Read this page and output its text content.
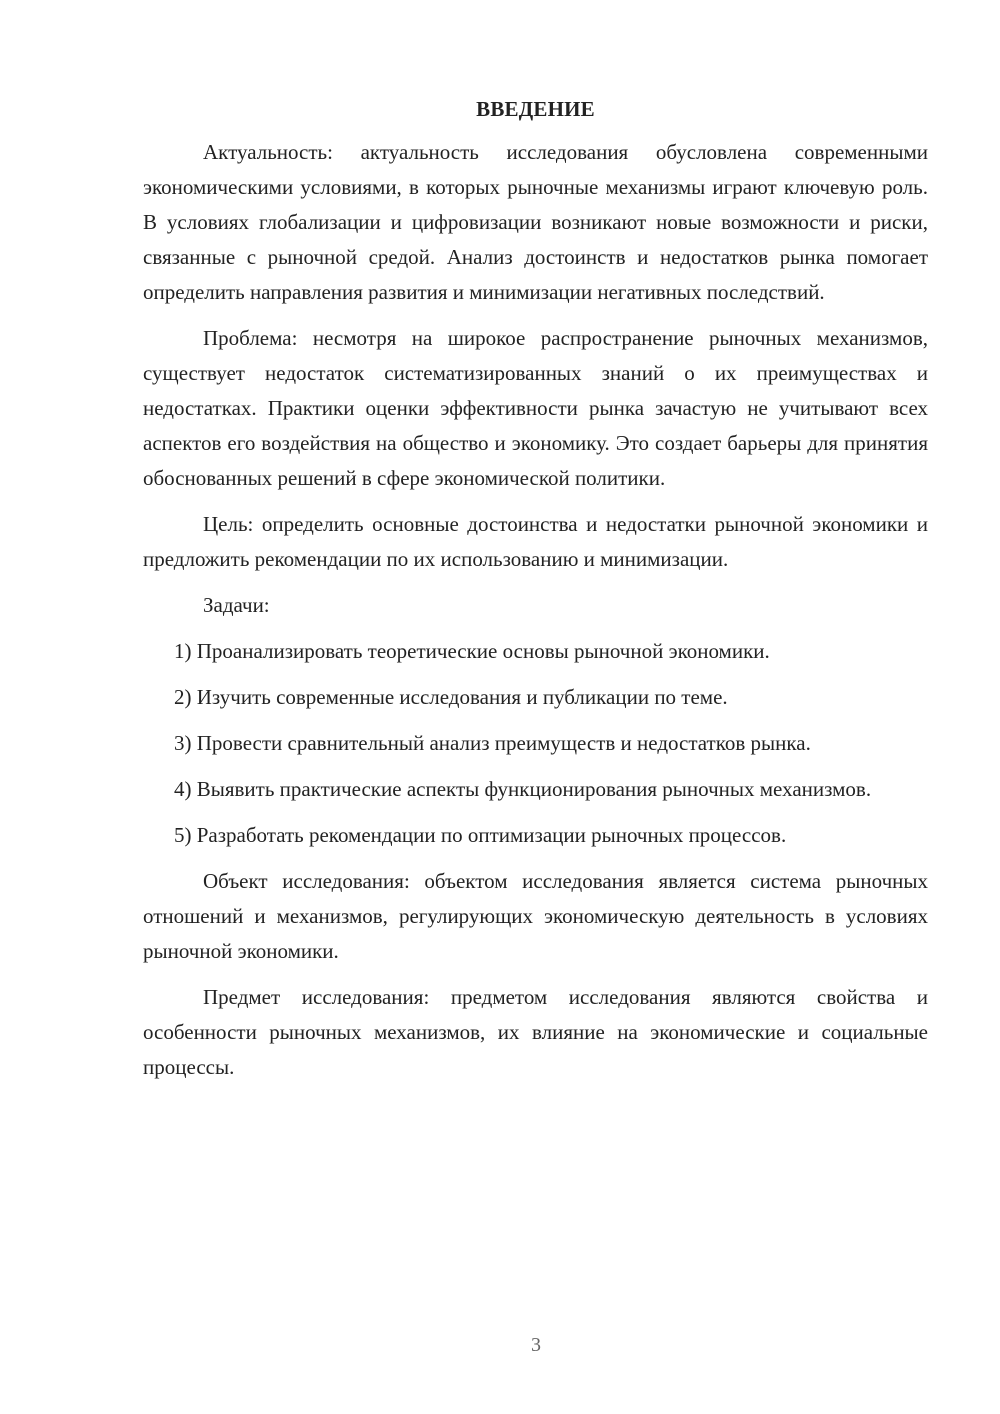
ВВЕДЕНИЕ

Актуальность: актуальность исследования обусловлена современными экономическими условиями, в которых рыночные механизмы играют ключевую роль. В условиях глобализации и цифровизации возникают новые возможности и риски, связанные с рыночной средой. Анализ достоинств и недостатков рынка помогает определить направления развития и минимизации негативных последствий.

Проблема: несмотря на широкое распространение рыночных механизмов, существует недостаток систематизированных знаний о их преимуществах и недостатках. Практики оценки эффективности рынка зачастую не учитывают всех аспектов его воздействия на общество и экономику. Это создает барьеры для принятия обоснованных решений в сфере экономической политики.

Цель: определить основные достоинства и недостатки рыночной экономики и предложить рекомендации по их использованию и минимизации.

Задачи:

1) Проанализировать теоретические основы рыночной экономики.

2) Изучить современные исследования и публикации по теме.

3) Провести сравнительный анализ преимуществ и недостатков рынка.

4) Выявить практические аспекты функционирования рыночных механизмов.

5) Разработать рекомендации по оптимизации рыночных процессов.

Объект исследования: объектом исследования является система рыночных отношений и механизмов, регулирующих экономическую деятельность в условиях рыночной экономики.

Предмет исследования: предметом исследования являются свойства и особенности рыночных механизмов, их влияние на экономические и социальные процессы.

3
